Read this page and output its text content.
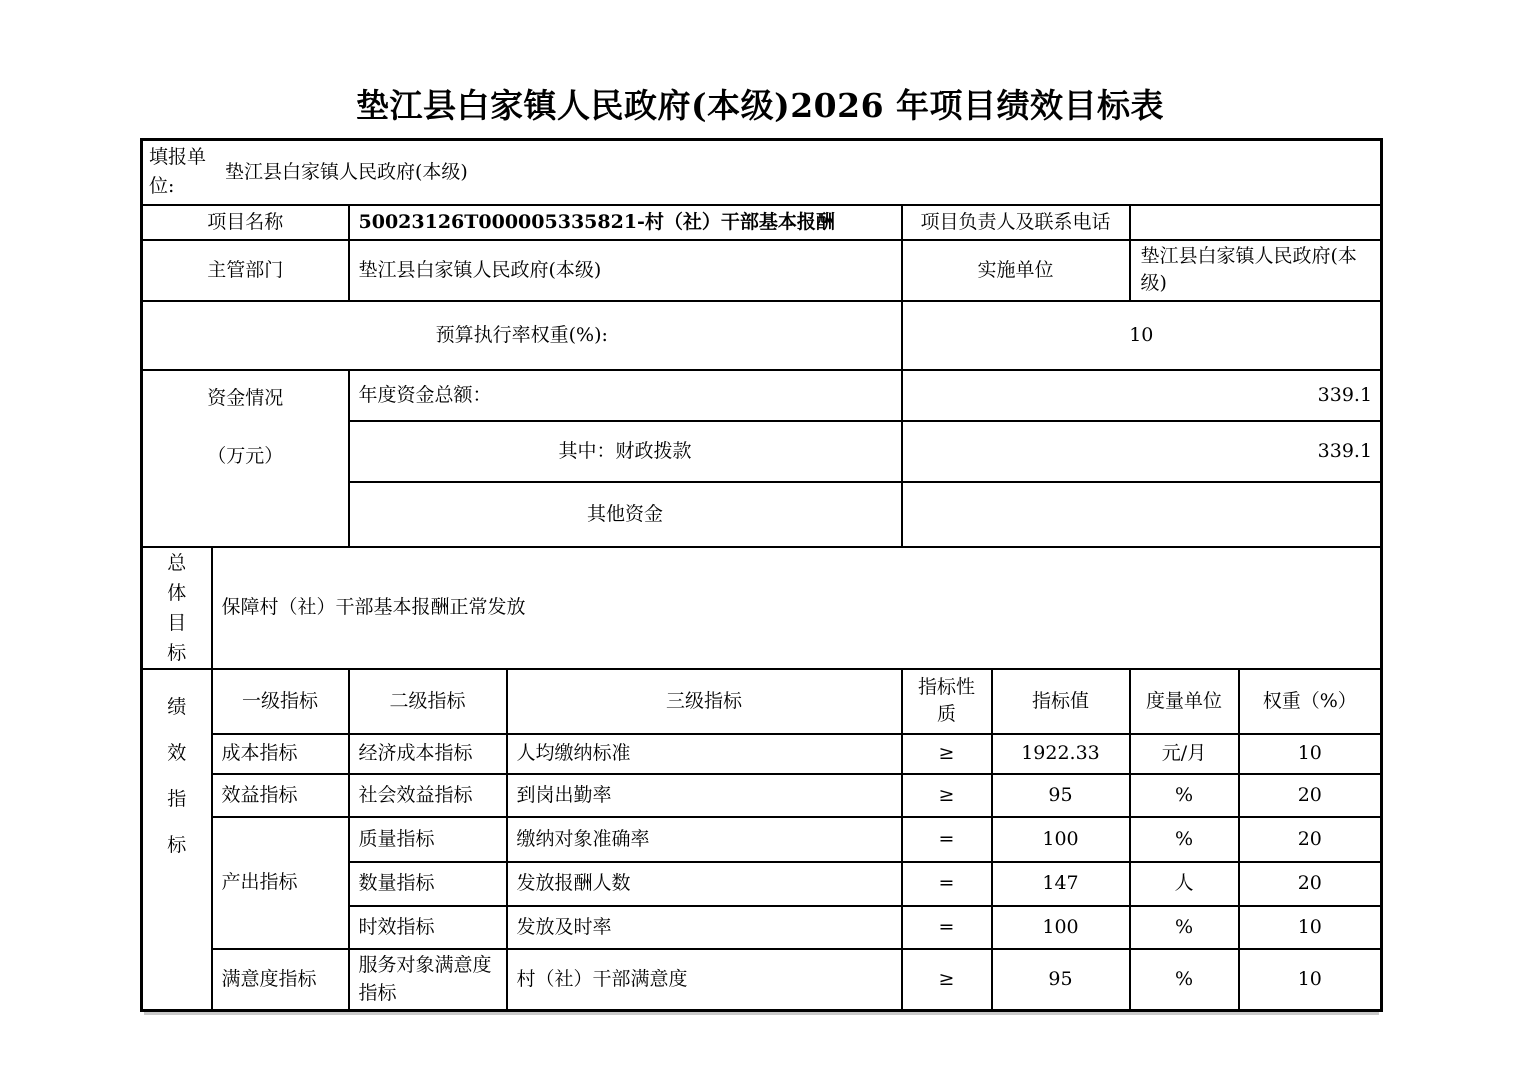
垫江县白家镇人民政府(本级)2026 年项目绩效目标表
填报单位:
垫江县白家镇人民政府(本级)							

项目名称		50023126T000005335821-村（社）干部基本报酬		项目负责人及联系电话			
主管部门		垫江县白家镇人民政府(本级)		实施单位		垫江县白家镇人民政府(本级)	
预算执行率权重(%):				10			

资金情况
（万元）		年度资金总额：		339.1			
		其中：财政拨款		339.1			
		其他资金					

总体目标	保障村（社）干部基本报酬正常发放						

绩效指标	一级指标	二级指标	三级指标	指标性质	指标值	度量单位	权重（%）
	成本指标	经济成本指标	人均缴纳标准	≥	1922.33	元/月	10
	效益指标	社会效益指标	到岗出勤率	≥	95	%	20
	产出指标	质量指标	缴纳对象准确率	=	100	%	20
		数量指标	发放报酬人数	=	147	人	20
		时效指标	发放及时率	=	100	%	10
	满意度指标	服务对象满意度指标	村（社）干部满意度	≥	95	%	10
